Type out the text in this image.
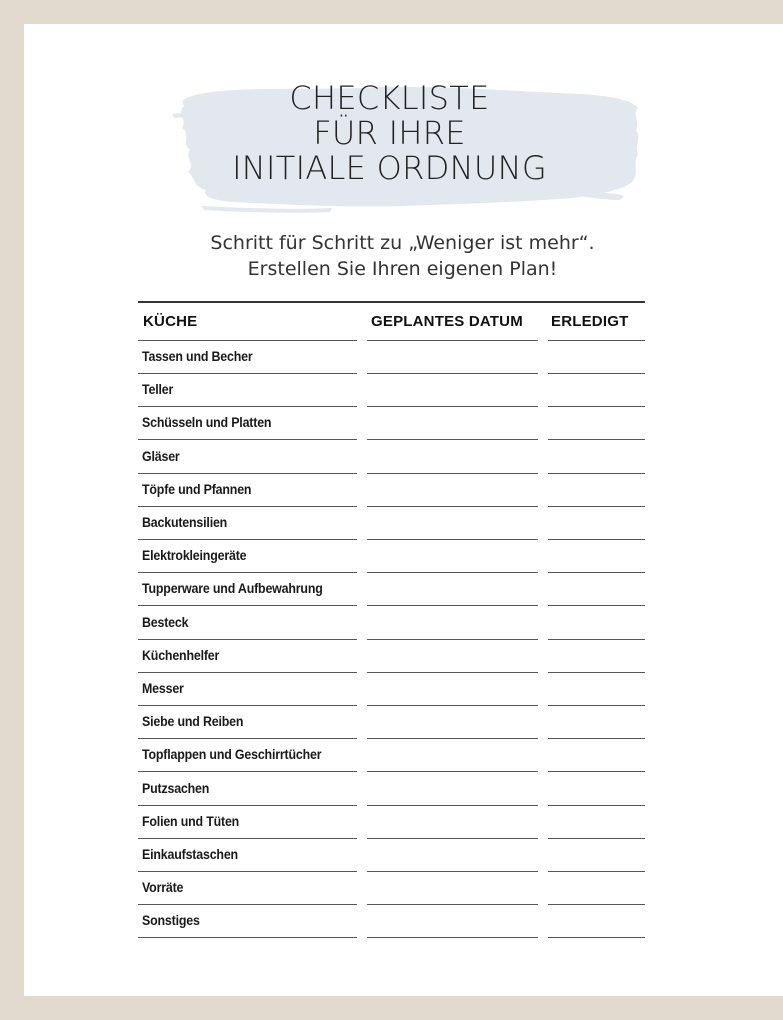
CHECKLISTE
FÜR IHRE
INITIALE ORDNUNG
Schritt für Schritt zu „Weniger ist mehr“.
Erstellen Sie Ihren eigenen Plan!
KÜCHE	GEPLANTES DATUM ERLEDIGT
Tassen und Becher
Teller
Schüsseln und Platten
Gläser
Töpfe und Pfannen
Backutensilien
Elektrokleingeräte
Tupperware und Aufbewahrung
Besteck
Küchenhelfer
Messer
Siebe und Reiben
Topflappen und Geschirrtücher
Putzsachen
Folien und Tüten
Einkaufstaschen
Vorräte
Sonstiges
